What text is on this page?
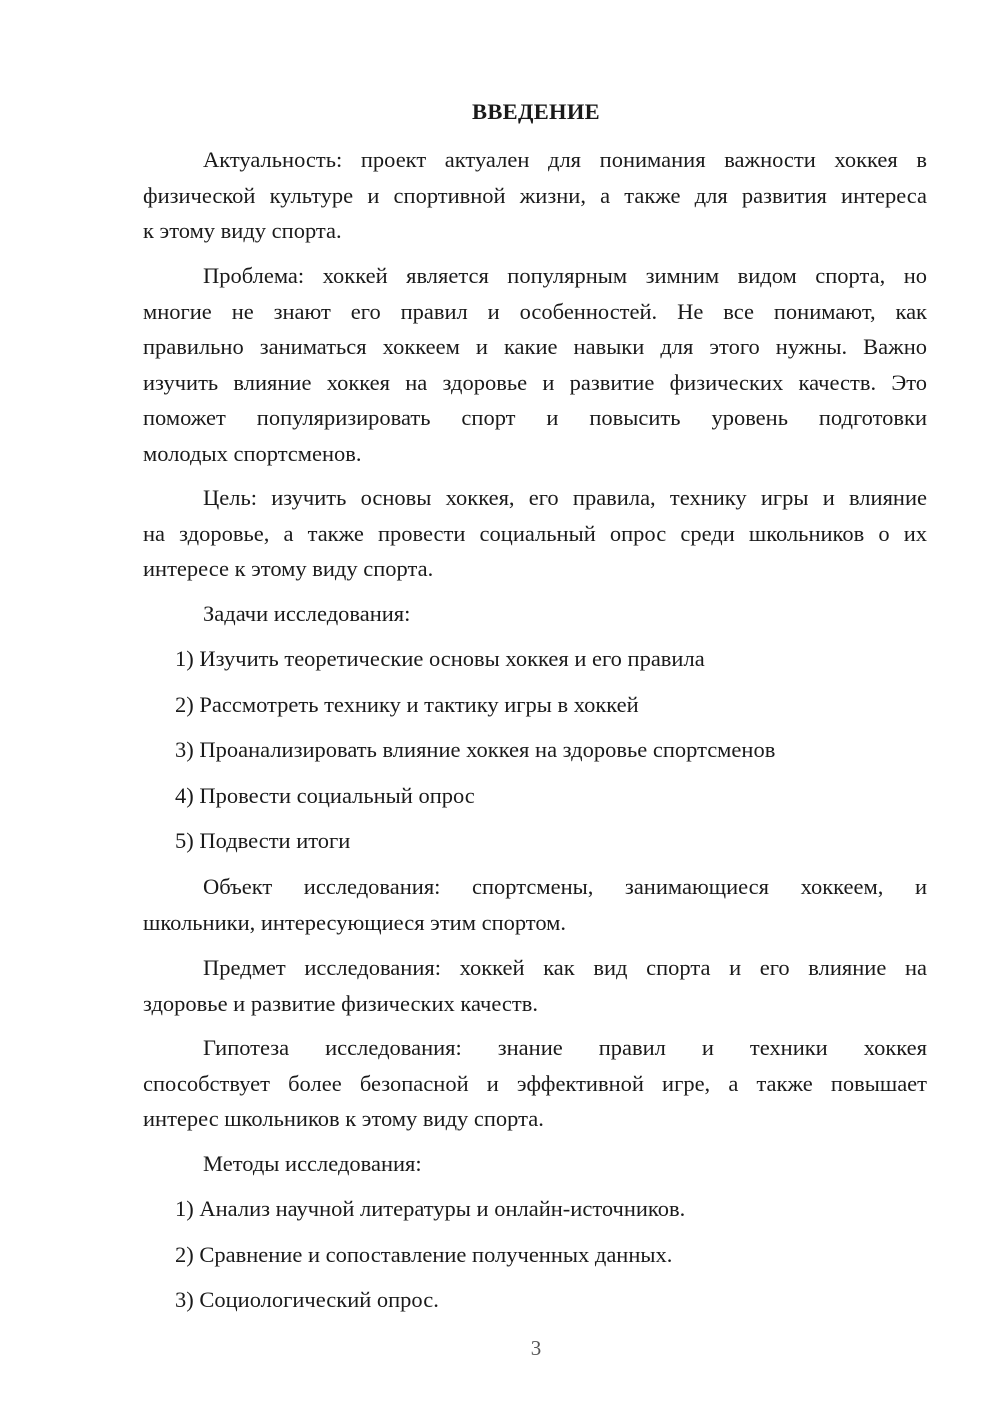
ВВЕДЕНИЕ

Актуальность: проект актуален для понимания важности хоккея в
физической культуре и спортивной жизни, а также для развития интереса
к этому виду спорта.

Проблема: хоккей является популярным зимним видом спорта, но
многие не знают его правил и особенностей. Не все понимают, как
правильно заниматься хоккеем и какие навыки для этого нужны. Важно
изучить влияние хоккея на здоровье и развитие физических качеств. Это
поможет популяризировать спорт и повысить уровень подготовки
молодых спортсменов.

Цель: изучить основы хоккея, его правила, технику игры и влияние
на здоровье, а также провести социальный опрос среди школьников о их
интересе к этому виду спорта.

Задачи исследования:
1) Изучить теоретические основы хоккея и его правила
2) Рассмотреть технику и тактику игры в хоккей
3) Проанализировать влияние хоккея на здоровье спортсменов
4) Провести социальный опрос
5) Подвести итоги

Объект исследования: спортсмены, занимающиеся хоккеем, и
школьники, интересующиеся этим спортом.

Предмет исследования: хоккей как вид спорта и его влияние на
здоровье и развитие физических качеств.

Гипотеза исследования: знание правил и техники хоккея
способствует более безопасной и эффективной игре, а также повышает
интерес школьников к этому виду спорта.

Методы исследования:
1) Анализ научной литературы и онлайн-источников.
2) Сравнение и сопоставление полученных данных.
3) Социологический опрос.
3
